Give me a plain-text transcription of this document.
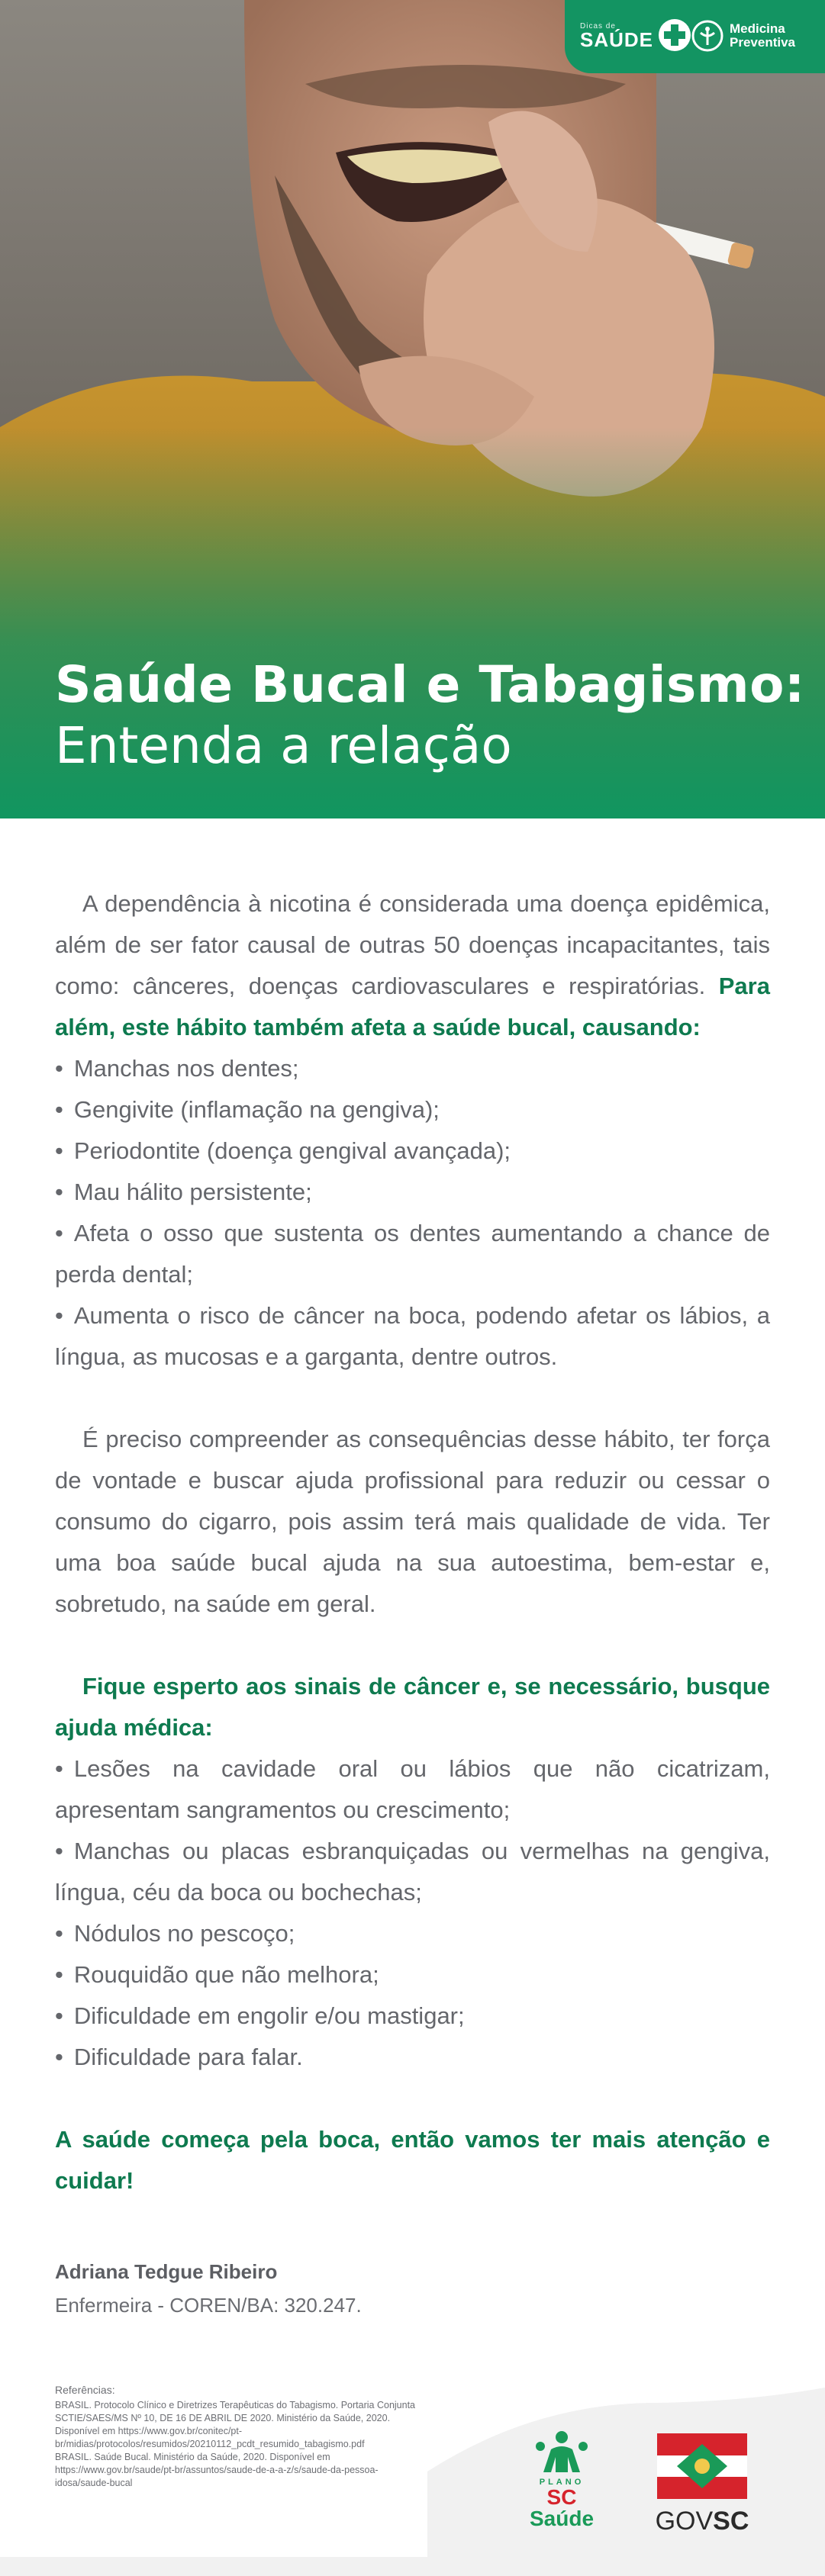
Dicas de
SAÚDE	Medicina
Preventiva
Saúde Bucal e Tabagismo:
Entenda a relação

A dependência à nicotina é considerada uma doença epidêmica, além de ser fator causal de outras 50 doenças incapacitantes, tais como: cânceres, doenças cardiovasculares e respiratórias. Para além, este hábito também afeta a saúde bucal, causando:

• Manchas nos dentes;
• Gengivite (inflamação na gengiva);
• Periodontite (doença gengival avançada);
• Mau hálito persistente;
• Afeta o osso que sustenta os dentes aumentando a chance de perda dental;
• Aumenta o risco de câncer na boca, podendo afetar os lábios, a língua, as mucosas e a garganta, dentre outros.

É preciso compreender as consequências desse hábito, ter força de vontade e buscar ajuda profissional para reduzir ou cessar o consumo do cigarro, pois assim terá mais qualidade de vida. Ter uma boa saúde bucal ajuda na sua autoestima, bem-estar e, sobretudo, na saúde em geral.

Fique esperto aos sinais de câncer e, se necessário, busque ajuda médica:

• Lesões na cavidade oral ou lábios que não cicatrizam, apresentam sangramentos ou crescimento;
• Manchas ou placas esbranquiçadas ou vermelhas na gengiva, língua, céu da boca ou bochechas;
• Nódulos no pescoço;
• Rouquidão que não melhora;
• Dificuldade em engolir e/ou mastigar;
• Dificuldade para falar.

A saúde começa pela boca, então vamos ter mais atenção e cuidar!

Adriana Tedgue Ribeiro
Enfermeira - COREN/BA: 320.247.
Referências:
BRASIL. Protocolo Clínico e Diretrizes Terapêuticas do Tabagismo. Portaria Conjunta SCTIE/SAES/MS Nº 10, DE 16 DE ABRIL DE 2020. Ministério da Saúde, 2020. Disponível em https://www.gov.br/conitec/pt-br/midias/protocolos/resumidos/20210112_pcdt_resumido_tabagismo.pdf
BRASIL. Saúde Bucal. Ministério da Saúde, 2020. Disponível em https://www.gov.br/saude/pt-br/assuntos/saude-de-a-a-z/s/saude-da-pessoa-idosa/saude-bucal	PLANO
SC Saúde	GOVSC
